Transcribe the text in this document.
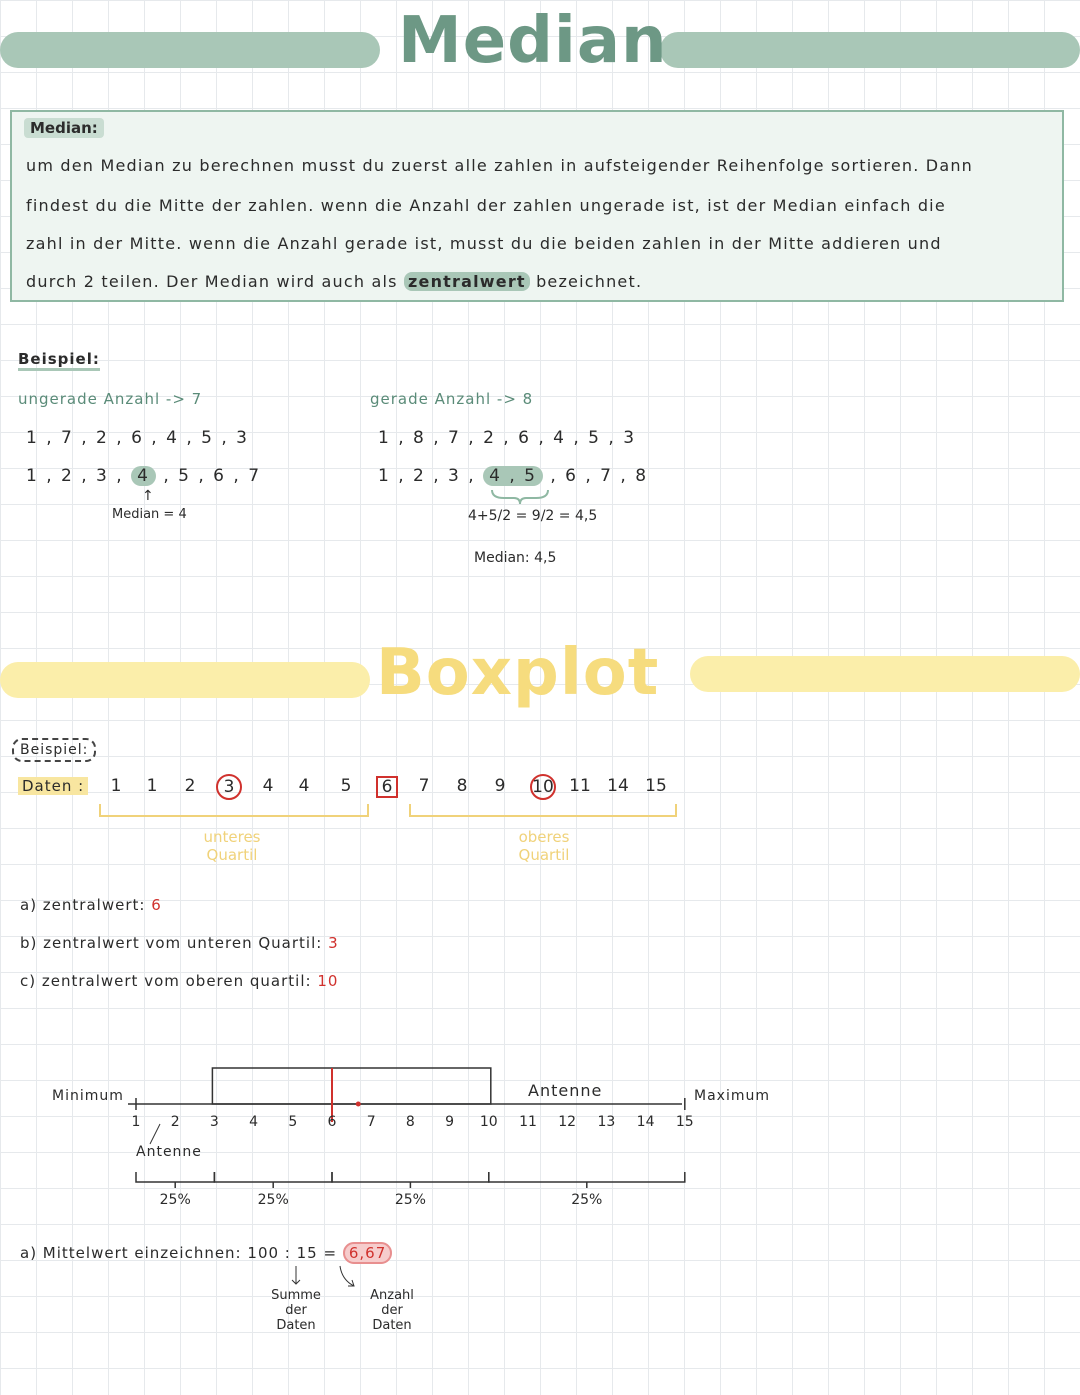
Median
Median:
um den Median zu berechnen musst du zuerst alle zahlen in aufsteigender Reihenfolge sortieren. Dann
findest du die Mitte der zahlen. wenn die Anzahl der zahlen ungerade ist, ist der Median einfach die
zahl in der Mitte. wenn die Anzahl gerade ist, musst du die beiden zahlen in der Mitte addieren und
durch 2 teilen. Der Median wird auch als zentralwert bezeichnet.
Beispiel:
ungerade Anzahl -> 7
1 , 7 , 2 , 6 , 4 , 5 , 3
1 , 2 , 3 , 4 , 5 , 6 , 7
↑
Median = 4
gerade Anzahl -> 8
1 , 8 , 7 , 2 , 6 , 4 , 5 , 3
1 , 2 , 3 , 4 , 5 , 6 , 7 , 8
4+5/2 = 9/2 = 4,5
Median: 4,5
Boxplot
Beispiel:
Daten :	1	1	2	3	4	4	5	6	7	8	9	10 11 14 15
unteres
Quartil
oberes
Quartil
a) zentralwert: 6
b) zentralwert vom unteren Quartil: 3
c) zentralwert vom oberen quartil: 10
Minimum	Maximum
Antenne
Antenne
1	2	3	4	5	6	7	8	9	10 11 12 13 14 15
25%	25%	25%	25%
a) Mittelwert einzeichnen: 100 : 15 = 6,67
Summe
der
Daten
Anzahl
der
Daten
